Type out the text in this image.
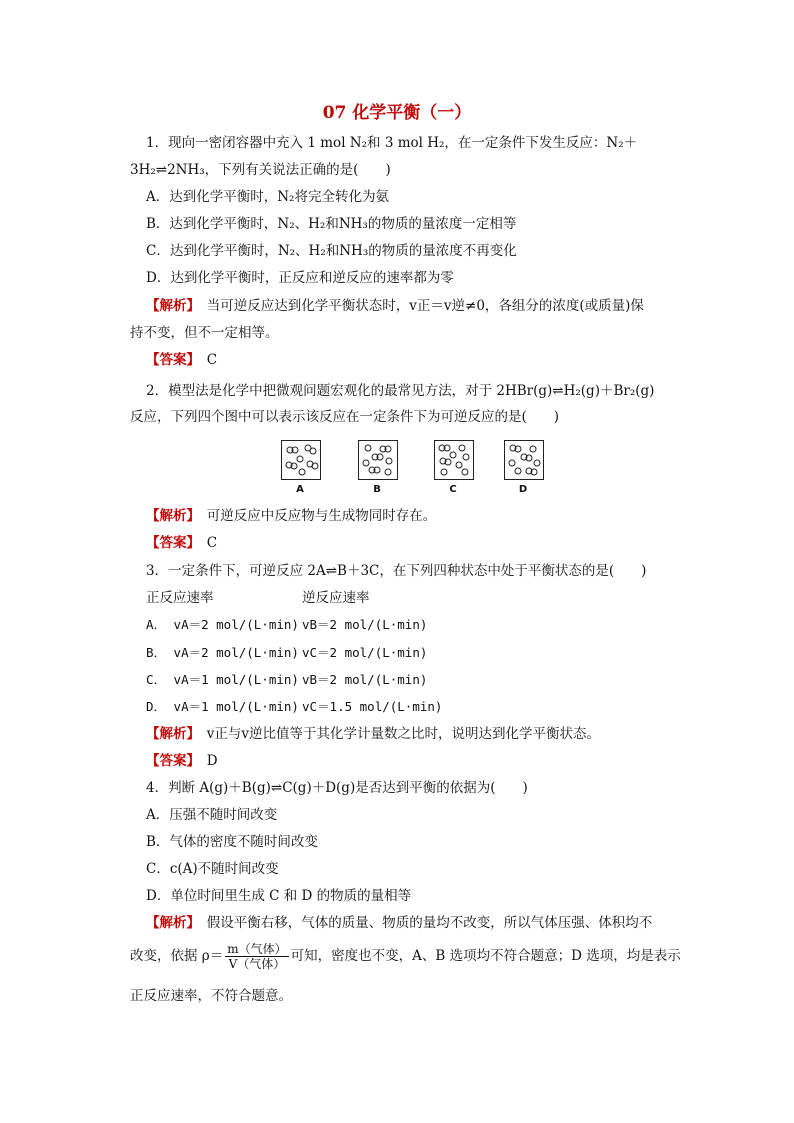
07 化学平衡（一）
1．现向一密闭容器中充入 1 mol N₂和 3 mol H₂，在一定条件下发生反应：N₂＋
3H₂⇌2NH₃，下列有关说法正确的是(　　)
A．达到化学平衡时，N₂将完全转化为氨
B．达到化学平衡时，N₂、H₂和NH₃的物质的量浓度一定相等
C．达到化学平衡时，N₂、H₂和NH₃的物质的量浓度不再变化
D．达到化学平衡时，正反应和逆反应的速率都为零
【解析】　当可逆反应达到化学平衡状态时，v正＝v逆≠0，各组分的浓度(或质量)保
持不变，但不一定相等。
【答案】　C
2．模型法是化学中把微观问题宏观化的最常见方法，对于 2HBr(g)⇌H₂(g)＋Br₂(g)
反应，下列四个图中可以表示该反应在一定条件下为可逆反应的是(　　)
A	B	C	D
【解析】　可逆反应中反应物与生成物同时存在。
【答案】　C
3．一定条件下，可逆反应 2A⇌B＋3C，在下列四种状态中处于平衡状态的是(　　)
正反应速率	逆反应速率
A． vA＝2 mol/(L·min) vB＝2 mol/(L·min)
B． vA＝2 mol/(L·min) vC＝2 mol/(L·min)
C． vA＝1 mol/(L·min) vB＝2 mol/(L·min)
D． vA＝1 mol/(L·min) vC＝1.5 mol/(L·min)
【解析】　v正与v逆比值等于其化学计量数之比时，说明达到化学平衡状态。
【答案】　D
4．判断 A(g)＋B(g)⇌C(g)＋D(g)是否达到平衡的依据为(　　)
A．压强不随时间改变
B．气体的密度不随时间改变
C．c(A)不随时间改变
D．单位时间里生成 C 和 D 的物质的量相等
【解析】　假设平衡右移，气体的质量、物质的量均不改变，所以气体压强、体积均不
改变，依据 $\rho= \frac{\text{m（气体）}}{\text{V（气体）}}$ 可知，密度也不变，A、B 选项均不符合题意；D 选项，均是表示
正反应速率，不符合题意。
